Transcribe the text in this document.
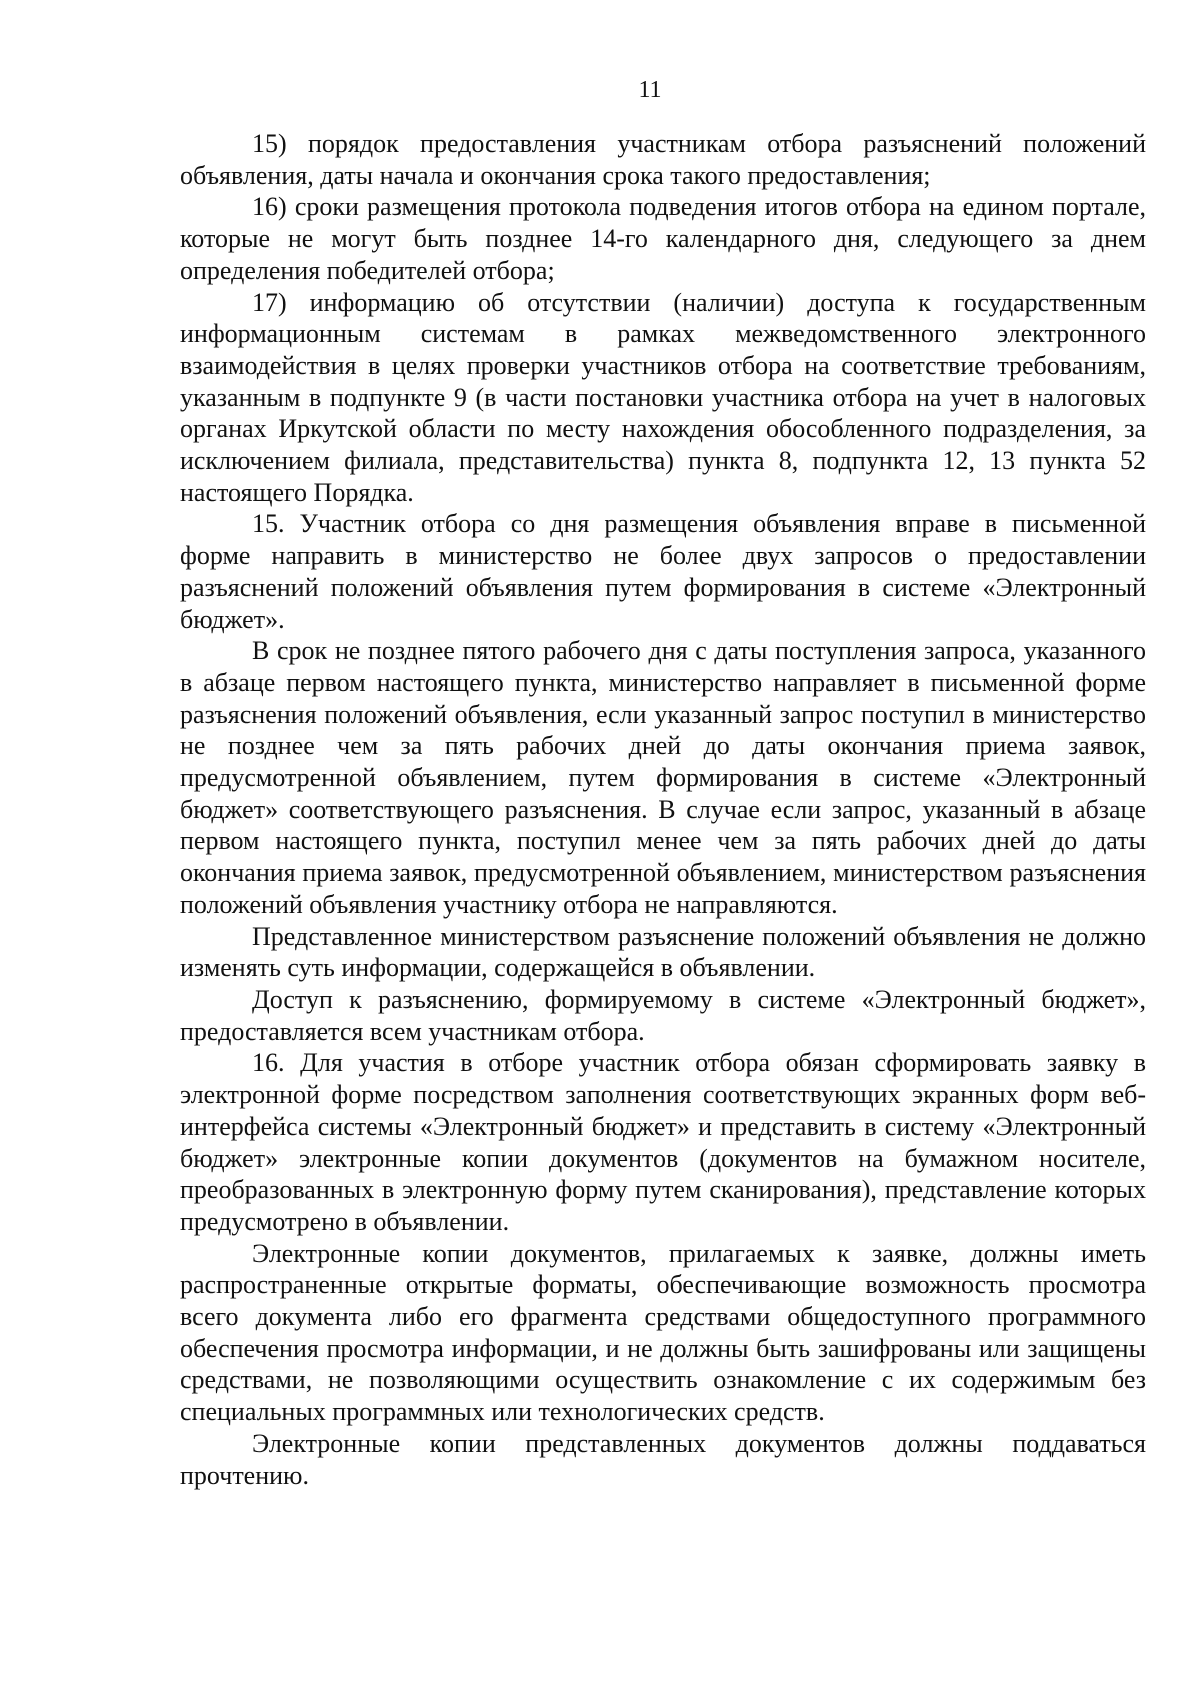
11

15) порядок предоставления участникам отбора разъяснений положений объявления, даты начала и окончания срока такого предоставления;

16) сроки размещения протокола подведения итогов отбора на едином портале, которые не могут быть позднее 14-го календарного дня, следующего за днем определения победителей отбора;

17) информацию об отсутствии (наличии) доступа к государственным информационным системам в рамках межведомственного электронного взаимодействия в целях проверки участников отбора на соответствие требованиям, указанным в подпункте 9 (в части постановки участника отбора на учет в налоговых органах Иркутской области по месту нахождения обособленного подразделения, за исключением филиала, представительства) пункта 8, подпункта 12, 13 пункта 52 настоящего Порядка.

15. Участник отбора со дня размещения объявления вправе в письменной форме направить в министерство не более двух запросов о предоставлении разъяснений положений объявления путем формирования в системе «Электронный бюджет».

В срок не позднее пятого рабочего дня с даты поступления запроса, указанного в абзаце первом настоящего пункта, министерство направляет в письменной форме разъяснения положений объявления, если указанный запрос поступил в министерство не позднее чем за пять рабочих дней до даты окончания приема заявок, предусмотренной объявлением, путем формирования в системе «Электронный бюджет» соответствующего разъяснения. В случае если запрос, указанный в абзаце первом настоящего пункта, поступил менее чем за пять рабочих дней до даты окончания приема заявок, предусмотренной объявлением, министерством разъяснения положений объявления участнику отбора не направляются.

Представленное министерством разъяснение положений объявления не должно изменять суть информации, содержащейся в объявлении.

Доступ к разъяснению, формируемому в системе «Электронный бюджет», предоставляется всем участникам отбора.

16. Для участия в отборе участник отбора обязан сформировать заявку в электронной форме посредством заполнения соответствующих экранных форм веб-интерфейса системы «Электронный бюджет» и представить в систему «Электронный бюджет» электронные копии документов (документов на бумажном носителе, преобразованных в электронную форму путем сканирования), представление которых предусмотрено в объявлении.

Электронные копии документов, прилагаемых к заявке, должны иметь распространенные открытые форматы, обеспечивающие возможность просмотра всего документа либо его фрагмента средствами общедоступного программного обеспечения просмотра информации, и не должны быть зашифрованы или защищены средствами, не позволяющими осуществить ознакомление с их содержимым без специальных программных или технологических средств.

Электронные копии представленных документов должны поддаваться прочтению.
